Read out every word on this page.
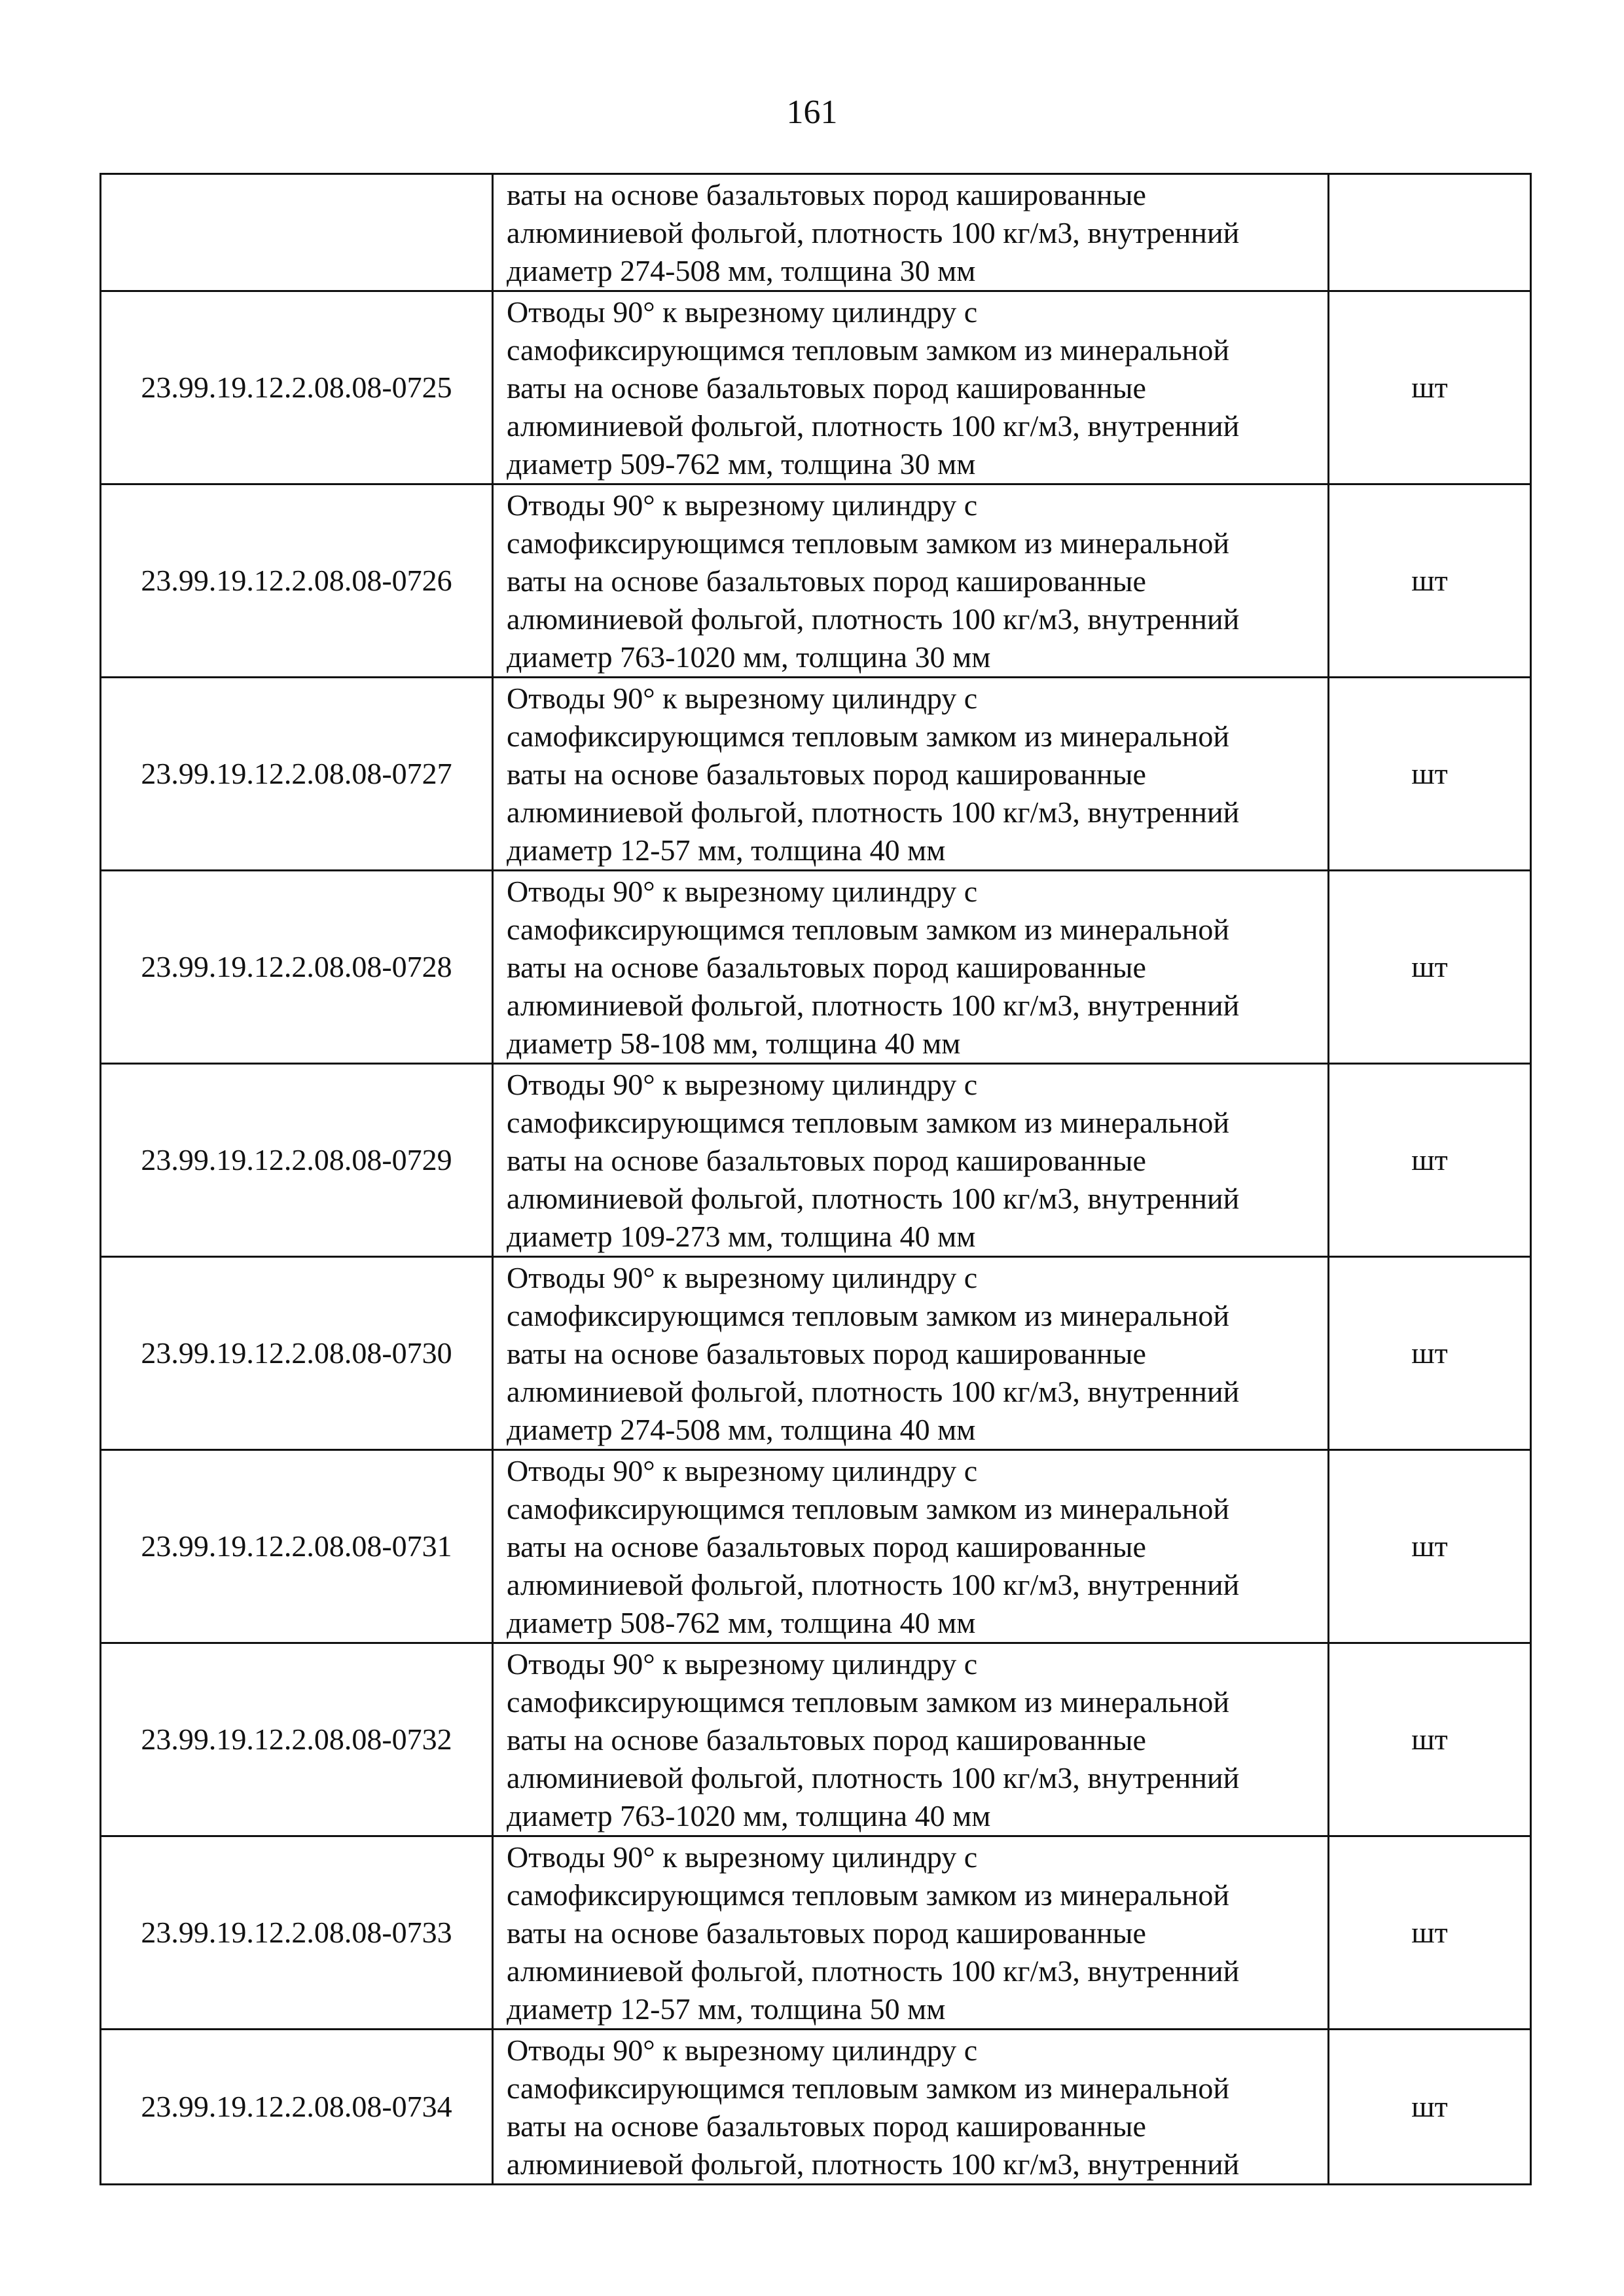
161

	ваты на основе базальтовых пород кашированные
алюминиевой фольгой, плотность 100 кг/м3, внутренний
диаметр 274-508 мм, толщина 30 мм	

23.99.19.12.2.08.08-0725	Отводы 90° к вырезному цилиндру с
самофиксирующимся тепловым замком из минеральной
ваты на основе базальтовых пород кашированные
алюминиевой фольгой, плотность 100 кг/м3, внутренний
диаметр 509-762 мм, толщина 30 мм	шт
23.99.19.12.2.08.08-0726	Отводы 90° к вырезному цилиндру с
самофиксирующимся тепловым замком из минеральной
ваты на основе базальтовых пород кашированные
алюминиевой фольгой, плотность 100 кг/м3, внутренний
диаметр 763-1020 мм, толщина 30 мм	шт
23.99.19.12.2.08.08-0727	Отводы 90° к вырезному цилиндру с
самофиксирующимся тепловым замком из минеральной
ваты на основе базальтовых пород кашированные
алюминиевой фольгой, плотность 100 кг/м3, внутренний
диаметр 12-57 мм, толщина 40 мм	шт
23.99.19.12.2.08.08-0728	Отводы 90° к вырезному цилиндру с
самофиксирующимся тепловым замком из минеральной
ваты на основе базальтовых пород кашированные
алюминиевой фольгой, плотность 100 кг/м3, внутренний
диаметр 58-108 мм, толщина 40 мм	шт
23.99.19.12.2.08.08-0729	Отводы 90° к вырезному цилиндру с
самофиксирующимся тепловым замком из минеральной
ваты на основе базальтовых пород кашированные
алюминиевой фольгой, плотность 100 кг/м3, внутренний
диаметр 109-273 мм, толщина 40 мм	шт
23.99.19.12.2.08.08-0730	Отводы 90° к вырезному цилиндру с
самофиксирующимся тепловым замком из минеральной
ваты на основе базальтовых пород кашированные
алюминиевой фольгой, плотность 100 кг/м3, внутренний
диаметр 274-508 мм, толщина 40 мм	шт
23.99.19.12.2.08.08-0731	Отводы 90° к вырезному цилиндру с
самофиксирующимся тепловым замком из минеральной
ваты на основе базальтовых пород кашированные
алюминиевой фольгой, плотность 100 кг/м3, внутренний
диаметр 508-762 мм, толщина 40 мм	шт
23.99.19.12.2.08.08-0732	Отводы 90° к вырезному цилиндру с
самофиксирующимся тепловым замком из минеральной
ваты на основе базальтовых пород кашированные
алюминиевой фольгой, плотность 100 кг/м3, внутренний
диаметр 763-1020 мм, толщина 40 мм	шт
23.99.19.12.2.08.08-0733	Отводы 90° к вырезному цилиндру с
самофиксирующимся тепловым замком из минеральной
ваты на основе базальтовых пород кашированные
алюминиевой фольгой, плотность 100 кг/м3, внутренний
диаметр 12-57 мм, толщина 50 мм	шт
23.99.19.12.2.08.08-0734	Отводы 90° к вырезному цилиндру с
самофиксирующимся тепловым замком из минеральной
ваты на основе базальтовых пород кашированные
алюминиевой фольгой, плотность 100 кг/м3, внутренний	шт
